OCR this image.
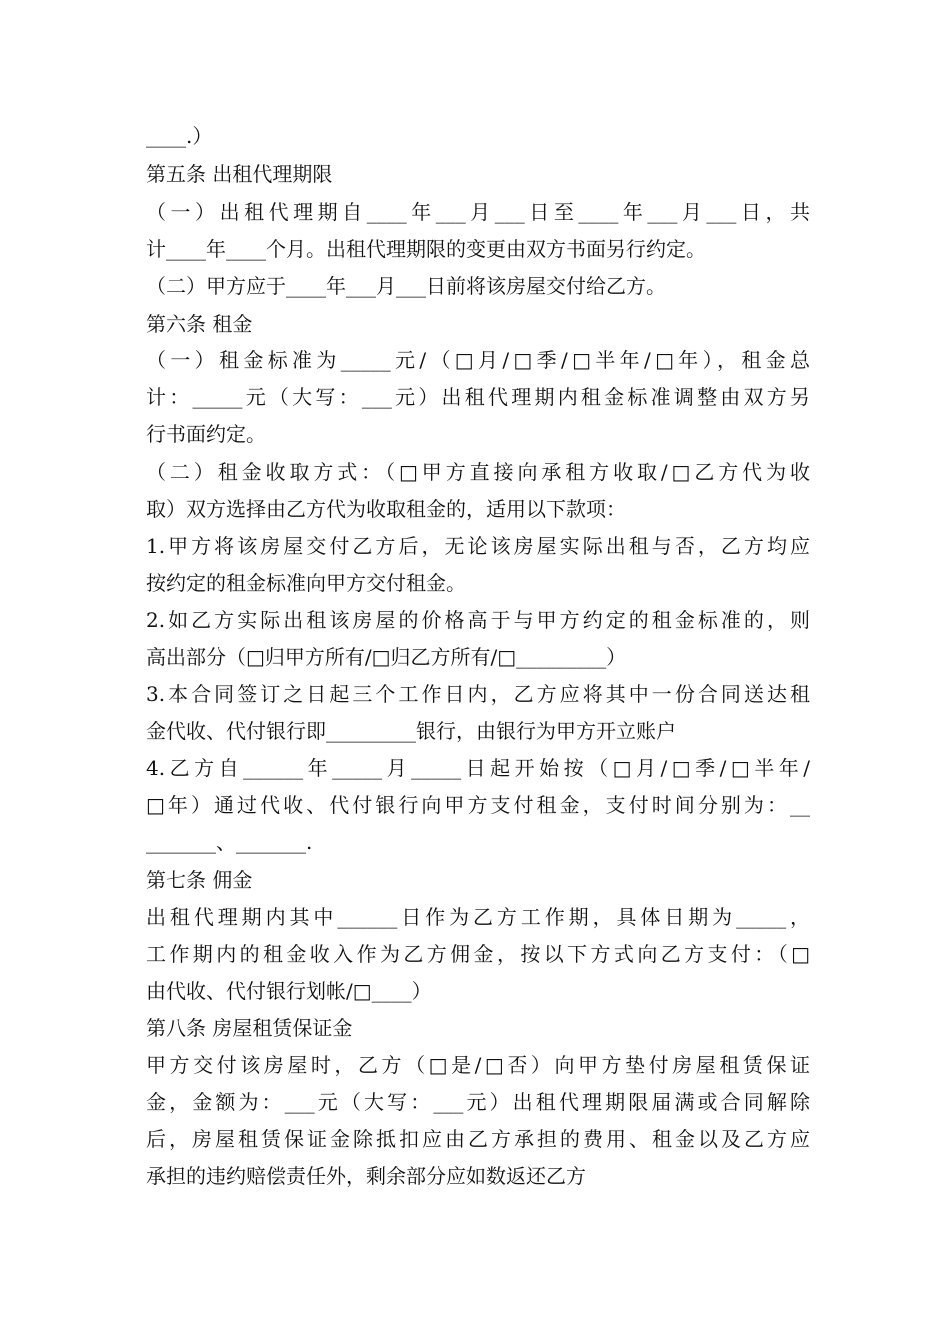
____.）
第五条 出租代理期限
（一）出租代理期自____年___月___日至____年___月___日，共
计____年____个月。出租代理期限的变更由双方书面另行约定。
（二）甲方应于____年___月___日前将该房屋交付给乙方。
第六条 租金
（一）租金标准为_____元/（□月/□季/□半年/□年），租金总
计：_____元（大写：___元）出租代理期内租金标准调整由双方另
行书面约定。
（二）租金收取方式：（□甲方直接向承租方收取/□乙方代为收
取）双方选择由乙方代为收取租金的，适用以下款项：
1.甲方将该房屋交付乙方后，无论该房屋实际出租与否，乙方均应
按约定的租金标准向甲方交付租金。
2.如乙方实际出租该房屋的价格高于与甲方约定的租金标准的，则
高出部分（□归甲方所有/□归乙方所有/□_________）
3.本合同签订之日起三个工作日内，乙方应将其中一份合同送达租
金代收、代付银行即_________银行，由银行为甲方开立账户
4.乙方自______年_____月_____日起开始按（□月/□季/□半年/
□年）通过代收、代付银行向甲方支付租金，支付时间分别为：__
_______、_______.
第七条 佣金
出租代理期内其中______日作为乙方工作期，具体日期为_____，
工作期内的租金收入作为乙方佣金，按以下方式向乙方支付：（□
由代收、代付银行划帐/□____）
第八条 房屋租赁保证金
甲方交付该房屋时，乙方（□是/□否）向甲方垫付房屋租赁保证
金，金额为：___元（大写：___元）出租代理期限届满或合同解除
后，房屋租赁保证金除抵扣应由乙方承担的费用、租金以及乙方应
承担的违约赔偿责任外，剩余部分应如数返还乙方
